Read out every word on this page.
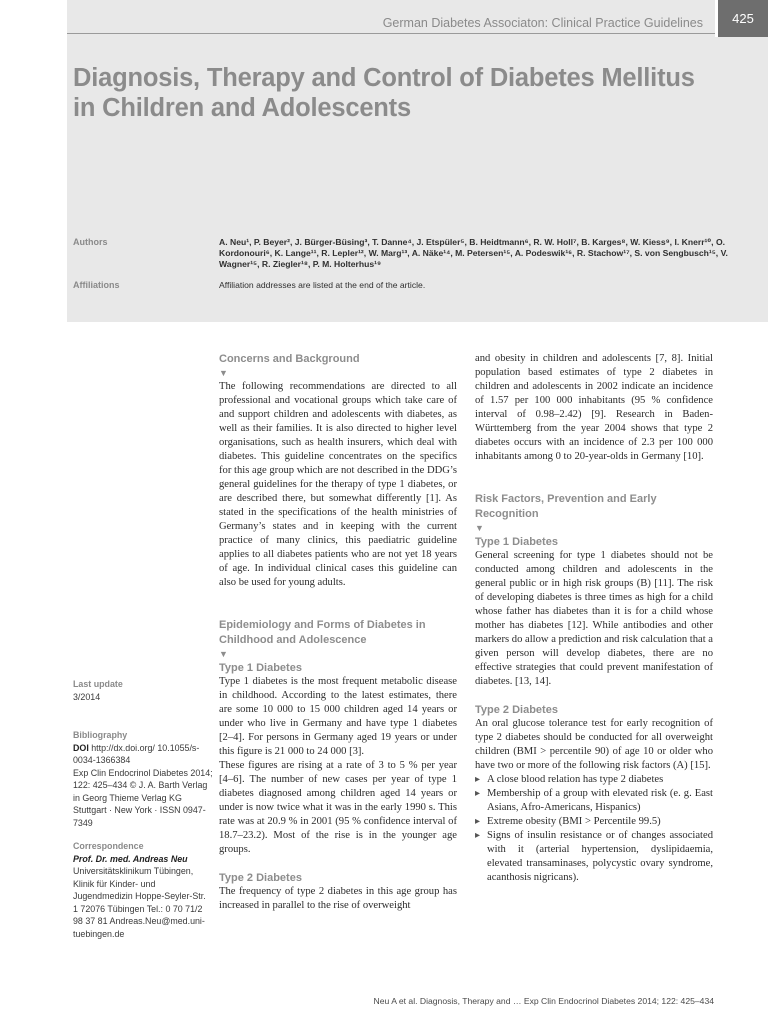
German Diabetes Associaton: Clinical Practice Guidelines	425
Diagnosis, Therapy and Control of Diabetes Mellitus in Children and Adolescents
Authors	A. Neu¹, P. Beyer², J. Bürger-Büsing³, T. Danne⁴, J. Etspüler⁵, B. Heidtmann⁶, R. W. Holl⁷, B. Karges⁸, W. Kiess⁹, I. Knerr¹⁰, O. Kordonouri⁶, K. Lange¹¹, R. Lepler¹², W. Marg¹³, A. Näke¹⁴, M. Petersen¹⁵, A. Podeswik¹⁶, R. Stachow¹⁷, S. von Sengbusch¹⁵, V. Wagner¹⁵, R. Ziegler¹⁸, P. M. Holterhus¹⁹
Affiliations	Affiliation addresses are listed at the end of the article.
Last update
3/2014
Bibliography
DOI http://dx.doi.org/ 10.1055/s-0034-1366384
Exp Clin Endocrinol Diabetes 2014; 122: 425–434 © J. A. Barth Verlag in Georg Thieme Verlag KG Stuttgart · New York · ISSN 0947-7349
Correspondence
Prof. Dr. med. Andreas Neu
Universitätsklinikum Tübingen, Klinik für Kinder- und Jugendmedizin Hoppe-Seyler-Str. 1 72076 Tübingen Tel.: 0 70 71/2 98 37 81 Andreas.Neu@med.uni-tuebingen.de
Concerns and Background
▼

The following recommendations are directed to all professional and vocational groups which take care of and support children and adolescents with diabetes, as well as their families. It is also directed to higher level organisations, such as health insurers, which deal with diabetes. This guideline concentrates on the specifics for this age group which are not described in the DDG’s general guidelines for the therapy of type 1 diabetes, or are described there, but somewhat differently [1]. As stated in the specifications of the health ministries of Germany’s states and in keeping with the current practice of many clinics, this paediatric guideline applies to all diabetes patients who are not yet 18 years of age. In individual clinical cases this guideline can also be used for young adults.

Epidemiology and Forms of Diabetes in Childhood and Adolescence
▼
Type 1 Diabetes

Type 1 diabetes is the most frequent metabolic disease in childhood. According to the latest estimates, there are some 10 000 to 15 000 children aged 14 years or under who live in Germany and have type 1 diabetes [2–4]. For persons in Germany aged 19 years or under this figure is 21 000 to 24 000 [3].

These figures are rising at a rate of 3 to 5 % per year [4–6]. The number of new cases per year of type 1 diabetes diagnosed among children aged 14 years or under is now twice what it was in the early 1990 s. This rate was at 20.9 % in 2001 (95 % confidence interval of 18.7–23.2). Most of the rise is in the younger age groups.

Type 2 Diabetes

The frequency of type 2 diabetes in this age group has increased in parallel to the rise of overweight

and obesity in children and adolescents [7, 8]. Initial population based estimates of type 2 diabetes in children and adolescents in 2002 indicate an incidence of 1.57 per 100 000 inhabitants (95 % confidence interval of 0.98–2.42) [9]. Research in Baden-Württemberg from the year 2004 shows that type 2 diabetes occurs with an incidence of 2.3 per 100 000 inhabitants among 0 to 20-year-olds in Germany [10].

Risk Factors, Prevention and Early Recognition
▼
Type 1 Diabetes

General screening for type 1 diabetes should not be conducted among children and adolescents in the general public or in high risk groups (B) [11]. The risk of developing diabetes is three times as high for a child whose father has diabetes than it is for a child whose mother has diabetes [12]. While antibodies and other markers do allow a prediction and risk calculation that a given person will develop diabetes, there are no effective strategies that could prevent manifestation of diabetes. [13, 14].

Type 2 Diabetes

An oral glucose tolerance test for early recognition of type 2 diabetes should be conducted for all overweight children (BMI > percentile 90) of age 10 or older who have two or more of the following risk factors (A) [15].

▸ A close blood relation has type 2 diabetes
▸ Membership of a group with elevated risk (e. g. East Asians, Afro-Americans, Hispanics)
▸ Extreme obesity (BMI > Percentile 99.5)
▸ Signs of insulin resistance or of changes associated with it (arterial hypertension, dyslipidaemia, elevated transaminases, polycystic ovary syndrome, acanthosis nigricans).
Neu A et al. Diagnosis, Therapy and … Exp Clin Endocrinol Diabetes 2014; 122: 425–434
